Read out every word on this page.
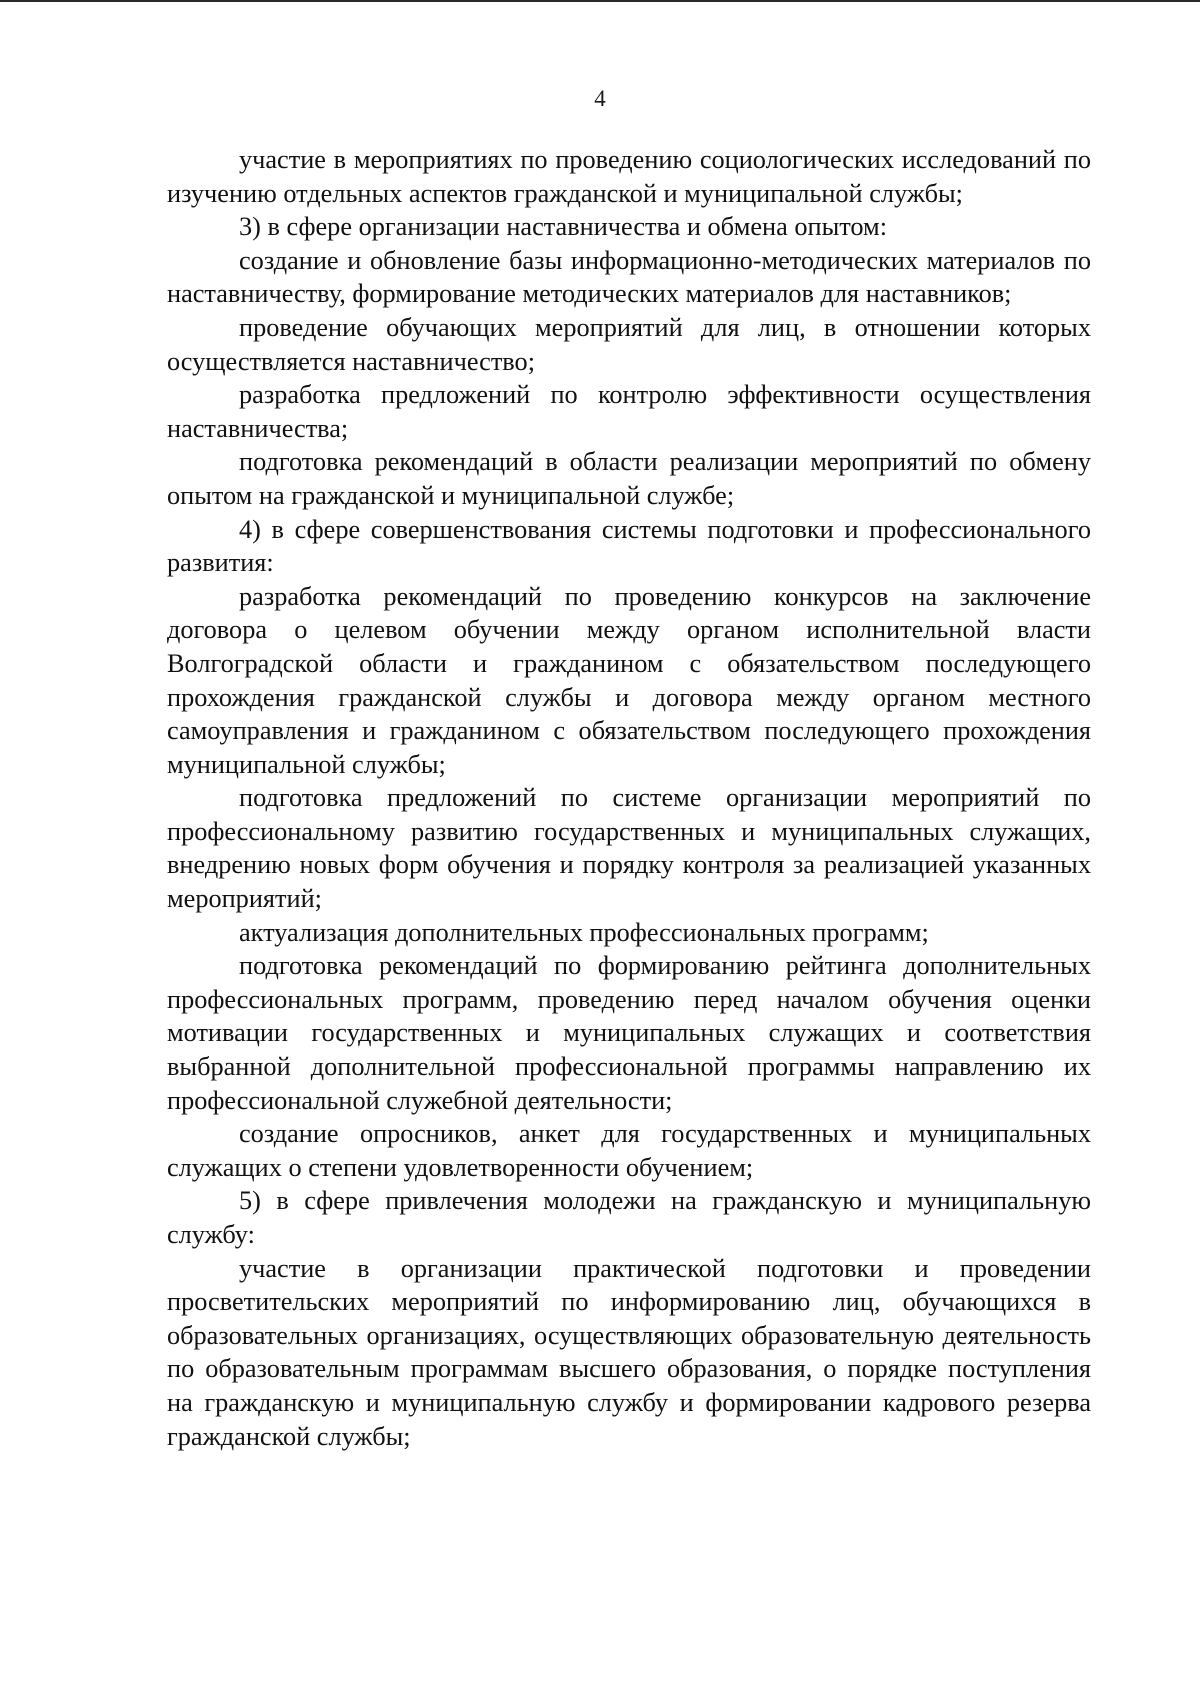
4

участие в мероприятиях по проведению социологических исследований по изучению отдельных аспектов гражданской и муниципальной службы;

3) в сфере организации наставничества и обмена опытом:

создание и обновление базы информационно-методических материалов по наставничеству, формирование методических материалов для наставников;

проведение обучающих мероприятий для лиц, в отношении которых осуществляется наставничество;

разработка предложений по контролю эффективности осуществления наставничества;

подготовка рекомендаций в области реализации мероприятий по обмену опытом на гражданской и муниципальной службе;

4) в сфере совершенствования системы подготовки и профессионального развития:

разработка рекомендаций по проведению конкурсов на заключение договора о целевом обучении между органом исполнительной власти Волгоградской области и гражданином с обязательством последующего прохождения гражданской службы и договора между органом местного самоуправления и гражданином с обязательством последующего прохождения муниципальной службы;

подготовка предложений по системе организации мероприятий по профессиональному развитию государственных и муниципальных служащих, внедрению новых форм обучения и порядку контроля за реализацией указанных мероприятий;

актуализация дополнительных профессиональных программ;

подготовка рекомендаций по формированию рейтинга дополнительных профессиональных программ, проведению перед началом обучения оценки мотивации государственных и муниципальных служащих и соответствия выбранной дополнительной профессиональной программы направлению их профессиональной служебной деятельности;

создание опросников, анкет для государственных и муниципальных служащих о степени удовлетворенности обучением;

5) в сфере привлечения молодежи на гражданскую и муниципальную службу:

участие в организации практической подготовки и проведении просветительских мероприятий по информированию лиц, обучающихся в образовательных организациях, осуществляющих образовательную деятельность по образовательным программам высшего образования, о порядке поступления на гражданскую и муниципальную службу и формировании кадрового резерва гражданской службы;
